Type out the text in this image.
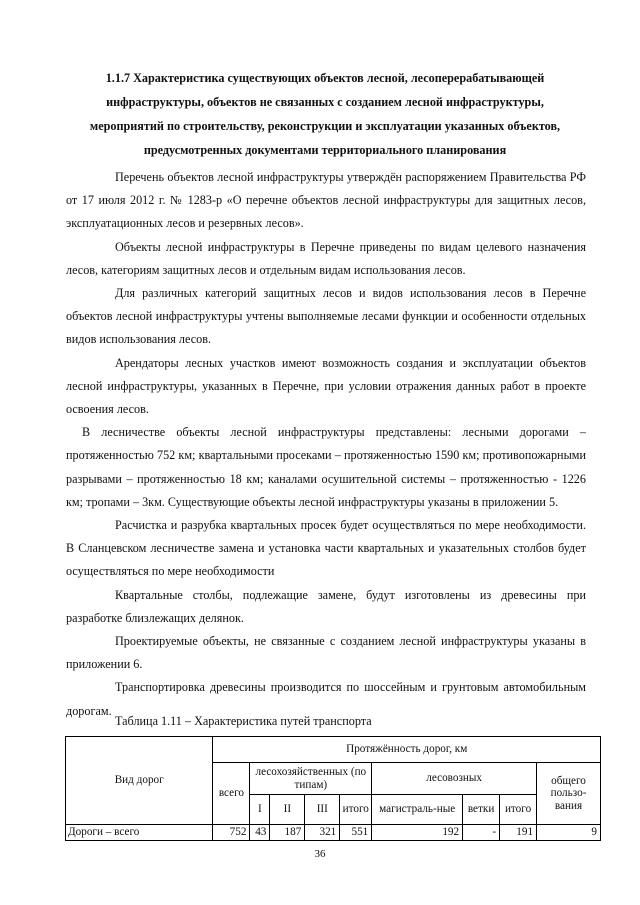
1.1.7 Характеристика существующих объектов лесной, лесоперерабатывающей
инфраструктуры, объектов не связанных с созданием лесной инфраструктуры,
мероприятий по строительству, реконструкции и эксплуатации указанных объектов,
предусмотренных документами территориального планирования

Перечень объектов лесной инфраструктуры утверждён распоряжением Правительства РФ от 17 июля 2012 г. № 1283-р «О перечне объектов лесной инфраструктуры для защитных лесов, эксплуатационных лесов и резервных лесов».

Объекты лесной инфраструктуры в Перечне приведены по видам целевого назначения лесов, категориям защитных лесов и отдельным видам использования лесов.

Для различных категорий защитных лесов и видов использования лесов в Перечне объектов лесной инфраструктуры учтены выполняемые лесами функции и особенности отдельных видов использования лесов.

Арендаторы лесных участков имеют возможность создания и эксплуатации объектов лесной инфраструктуры, указанных в Перечне, при условии отражения данных работ в проекте освоения лесов.

В лесничестве объекты лесной инфраструктуры представлены: лесными дорогами – протяженностью 752 км; квартальными просеками – протяженностью 1590 км; противопожарными разрывами – протяженностью 18 км; каналами осушительной системы – протяженностью - 1226 км; тропами – 3км. Существующие объекты лесной инфраструктуры указаны в приложении 5.

Расчистка и разрубка квартальных просек будет осуществляться по мере необходимости. В Сланцевском лесничестве замена и установка части квартальных и указательных столбов будет осуществляться по мере необходимости

Квартальные столбы, подлежащие замене, будут изготовлены из древесины при разработке близлежащих делянок.

Проектируемые объекты, не связанные с созданием лесной инфраструктуры указаны в приложении 6.

Транспортировка древесины производится по шоссейным и грунтовым автомобильным дорогам.

Таблица 1.11 – Характеристика путей транспорта
Вид дорог	Протяжённость дорог, км								
	всего	лесохозяйственных (по типам)				лесовозных			общего пользо-вания
		I	II	III	итого	магистраль-ные	ветки	итого	
Дороги – всего	752	43	187	321	551	192	-	191	9
36
